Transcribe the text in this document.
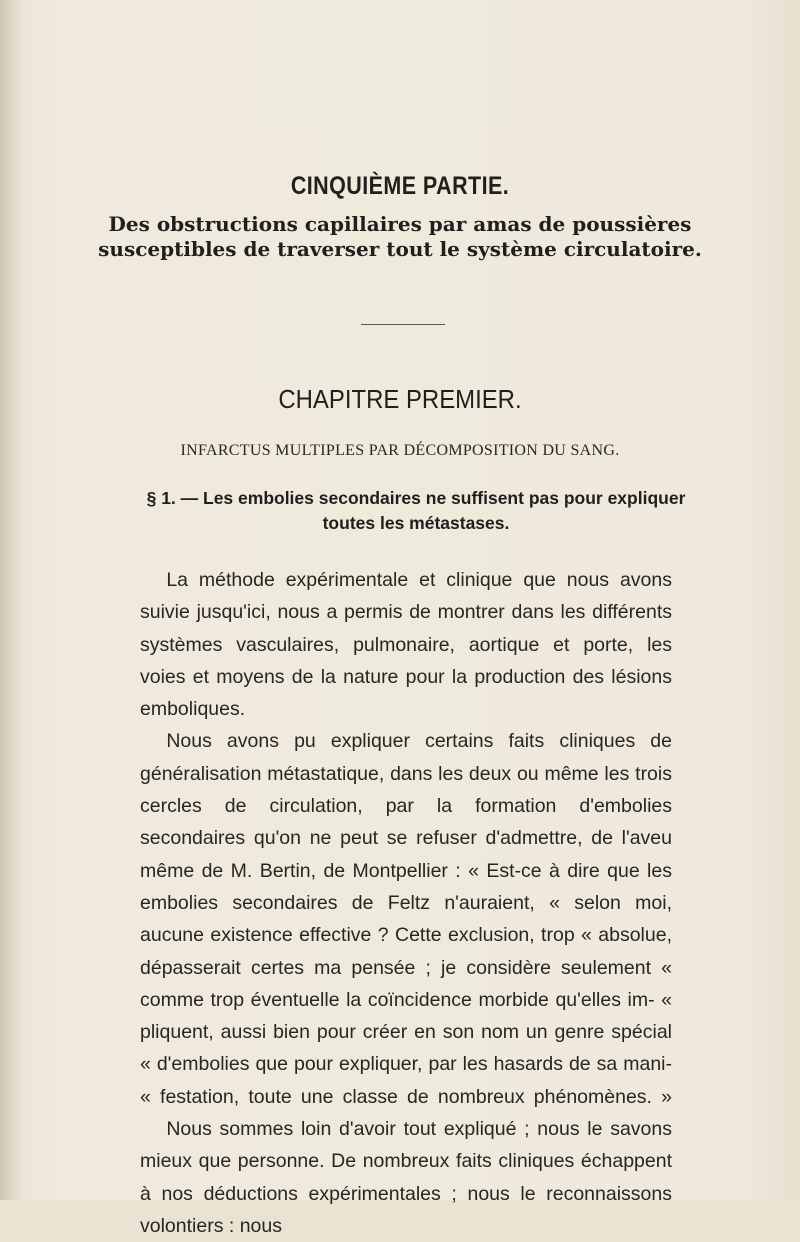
CINQUIÈME PARTIE.
Des obstructions capillaires par amas de poussières susceptibles de traverser tout le système circulatoire.
CHAPITRE PREMIER.
INFARCTUS MULTIPLES PAR DÉCOMPOSITION DU SANG.
§ 1. — Les embolies secondaires ne suffisent pas pour expliquer toutes les métastases.

La méthode expérimentale et clinique que nous avons suivie jusqu'ici, nous a permis de montrer dans les différents systèmes vasculaires, pulmonaire, aortique et porte, les voies et moyens de la nature pour la production des lésions emboliques.

Nous avons pu expliquer certains faits cliniques de généralisation métastatique, dans les deux ou même les trois cercles de circulation, par la formation d'embolies secondaires qu'on ne peut se refuser d'admettre, de l'aveu même de M. Bertin, de Montpellier : « Est-ce à dire que les embolies secondaires de Feltz n'auraient, « selon moi, aucune existence effective ? Cette exclusion, trop « absolue, dépasserait certes ma pensée ; je considère seulement « comme trop éventuelle la coïncidence morbide qu'elles im- « pliquent, aussi bien pour créer en son nom un genre spécial « d'embolies que pour expliquer, par les hasards de sa mani- « festation, toute une classe de nombreux phénomènes. »

Nous sommes loin d'avoir tout expliqué ; nous le savons mieux que personne. De nombreux faits cliniques échappent à nos déductions expérimentales ; nous le reconnaissons volontiers : nous
